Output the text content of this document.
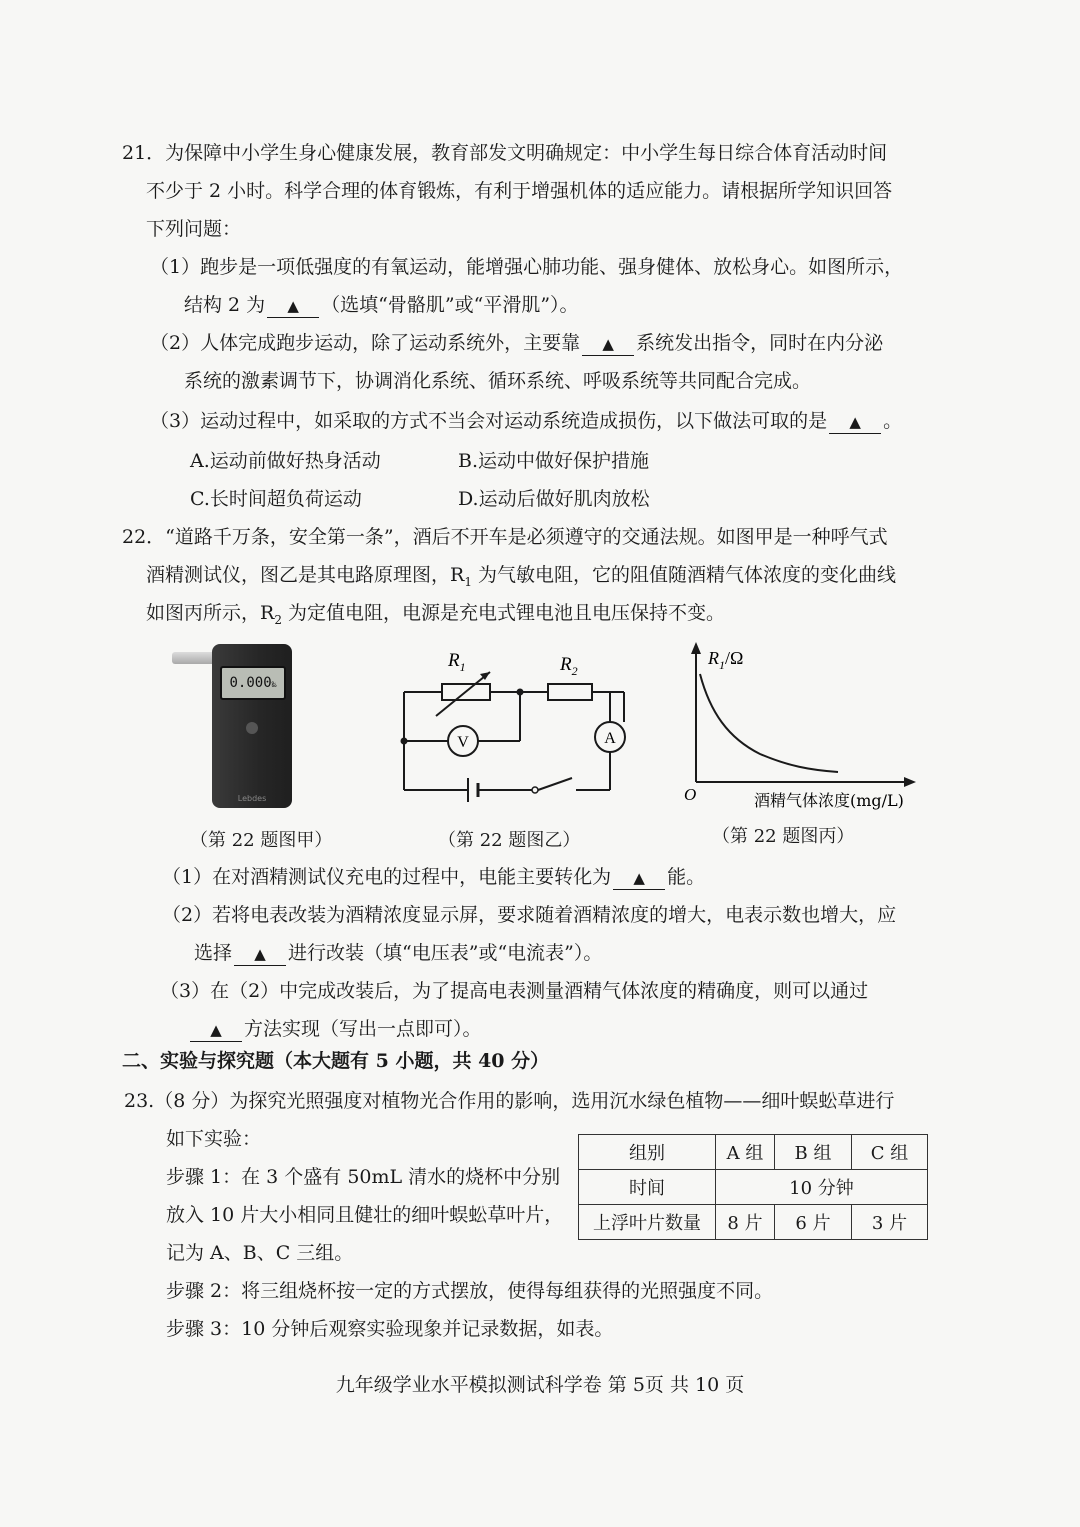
21．为保障中小学生身心健康发展，教育部发文明确规定：中小学生每日综合体育活动时间
不少于 2 小时。科学合理的体育锻炼，有利于增强机体的适应能力。请根据所学知识回答
下列问题：
（1）跑步是一项低强度的有氧运动，能增强心肺功能、强身健体、放松身心。如图所示，
结构 2 为 ▲ （选填“骨骼肌”或“平滑肌”）。
（2）人体完成跑步运动，除了运动系统外，主要靠 ▲ 系统发出指令，同时在内分泌
系统的激素调节下，协调消化系统、循环系统、呼吸系统等共同配合完成。
（3）运动过程中，如采取的方式不当会对运动系统造成损伤，以下做法可取的是 ▲ 。
A.运动前做好热身活动	B.运动中做好保护措施
C.长时间超负荷运动	D.运动后做好肌肉放松
22．“道路千万条，安全第一条”，酒后不开车是必须遵守的交通法规。如图甲是一种呼气式
酒精测试仪，图乙是其电路原理图，$R_1$ 为气敏电阻，它的阻值随酒精气体浓度的变化曲线
如图丙所示，$R_2$ 为定值电阻，电源是充电式锂电池且电压保持不变。
0.000‰
Lebdes
$R_1$	$R_2$
V	A
$R_1/\Omega$
O	酒精气体浓度(mg/L)
（第 22 题图甲）	（第 22 题图乙）	（第 22 题图丙）
（1）在对酒精测试仪充电的过程中，电能主要转化为 ▲ 能。
（2）若将电表改装为酒精浓度显示屏，要求随着酒精浓度的增大，电表示数也增大，应
选择 ▲ 进行改装（填“电压表”或“电流表”）。
（3）在（2）中完成改装后，为了提高电表测量酒精气体浓度的精确度，则可以通过
▲ 方法实现（写出一点即可）。
二、实验与探究题（本大题有 5 小题，共 40 分）
23.（8 分）为探究光照强度对植物光合作用的影响，选用沉水绿色植物——细叶蜈蚣草进行
如下实验：
步骤 1：在 3 个盛有 50mL 清水的烧杯中分别
放入 10 片大小相同且健壮的细叶蜈蚣草叶片，
记为 A、B、C 三组。
步骤 2：将三组烧杯按一定的方式摆放，使得每组获得的光照强度不同。
步骤 3：10 分钟后观察实验现象并记录数据，如表。
组别	A 组	B 组	C 组
时间	10 分钟		
上浮叶片数量	8 片	6 片	3 片
九年级学业水平模拟测试科学卷 第 5页 共 10 页
